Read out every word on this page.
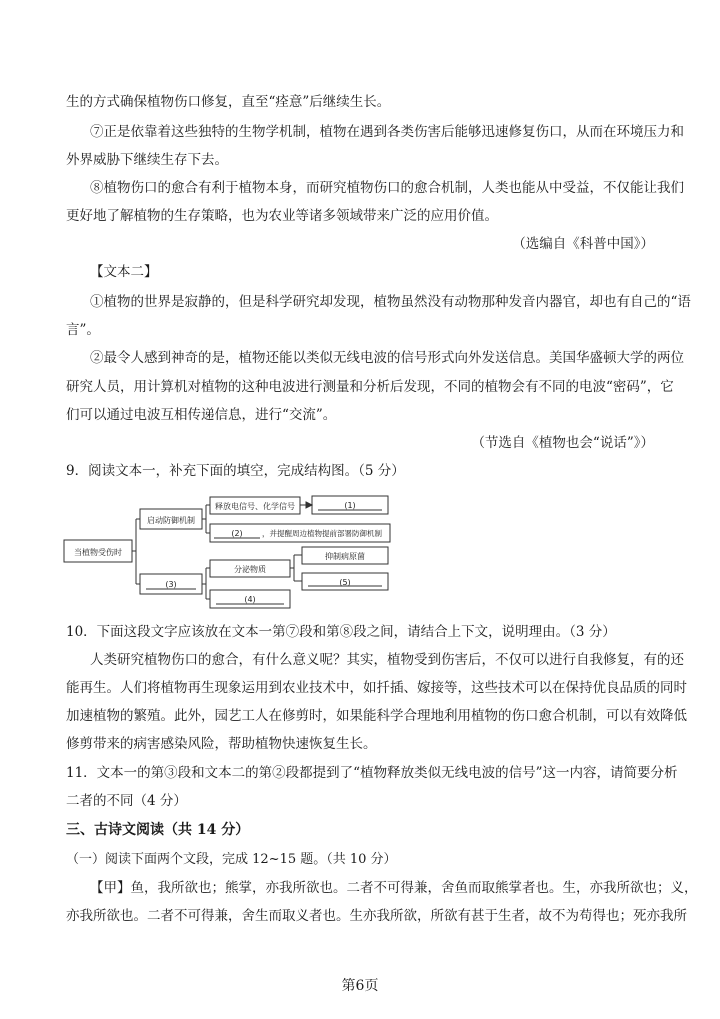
生的方式确保植物伤口修复，直至“痊意”后继续生长。
⑦正是依靠着这些独特的生物学机制，植物在遇到各类伤害后能够迅速修复伤口，从而在环境压力和
外界威胁下继续生存下去。
⑧植物伤口的愈合有利于植物本身，而研究植物伤口的愈合机制，人类也能从中受益，不仅能让我们
更好地了解植物的生存策略，也为农业等诸多领域带来广泛的应用价值。
（选编自《科普中国》）
【文本二】
①植物的世界是寂静的，但是科学研究却发现，植物虽然没有动物那种发音内器官，却也有自己的“语
言”。
②最令人感到神奇的是，植物还能以类似无线电波的信号形式向外发送信息。美国华盛顿大学的两位
研究人员，用计算机对植物的这种电波进行测量和分析后发现，不同的植物会有不同的电波“密码”，它
们可以通过电波互相传递信息，进行“交流”。
（节选自《植物也会“说话”》）
9．阅读文本一，补充下面的填空，完成结构图。（5 分）
当植物受伤时
启动防御机制
释放电信号、化学信号	(1)
(2)	，并提醒周边植物提前部署防御机制
(3)
分泌物质
抑制病原菌
(5)
(4)
10．下面这段文字应该放在文本一第⑦段和第⑧段之间，请结合上下文，说明理由。（3 分）
人类研究植物伤口的愈合，有什么意义呢？其实，植物受到伤害后，不仅可以进行自我修复，有的还
能再生。人们将植物再生现象运用到农业技术中，如扦插、嫁接等，这些技术可以在保持优良品质的同时
加速植物的繁殖。此外，园艺工人在修剪时，如果能科学合理地利用植物的伤口愈合机制，可以有效降低
修剪带来的病害感染风险，帮助植物快速恢复生长。
11．文本一的第③段和文本二的第②段都提到了“植物释放类似无线电波的信号”这一内容，请简要分析
二者的不同（4 分）
三、古诗文阅读（共 14 分）
（一）阅读下面两个文段，完成 12~15 题。（共 10 分）
【甲】鱼，我所欲也；熊掌，亦我所欲也。二者不可得兼，舍鱼而取熊掌者也。生，亦我所欲也；义，
亦我所欲也。二者不可得兼，舍生而取义者也。生亦我所欲，所欲有甚于生者，故不为苟得也；死亦我所
第6页
